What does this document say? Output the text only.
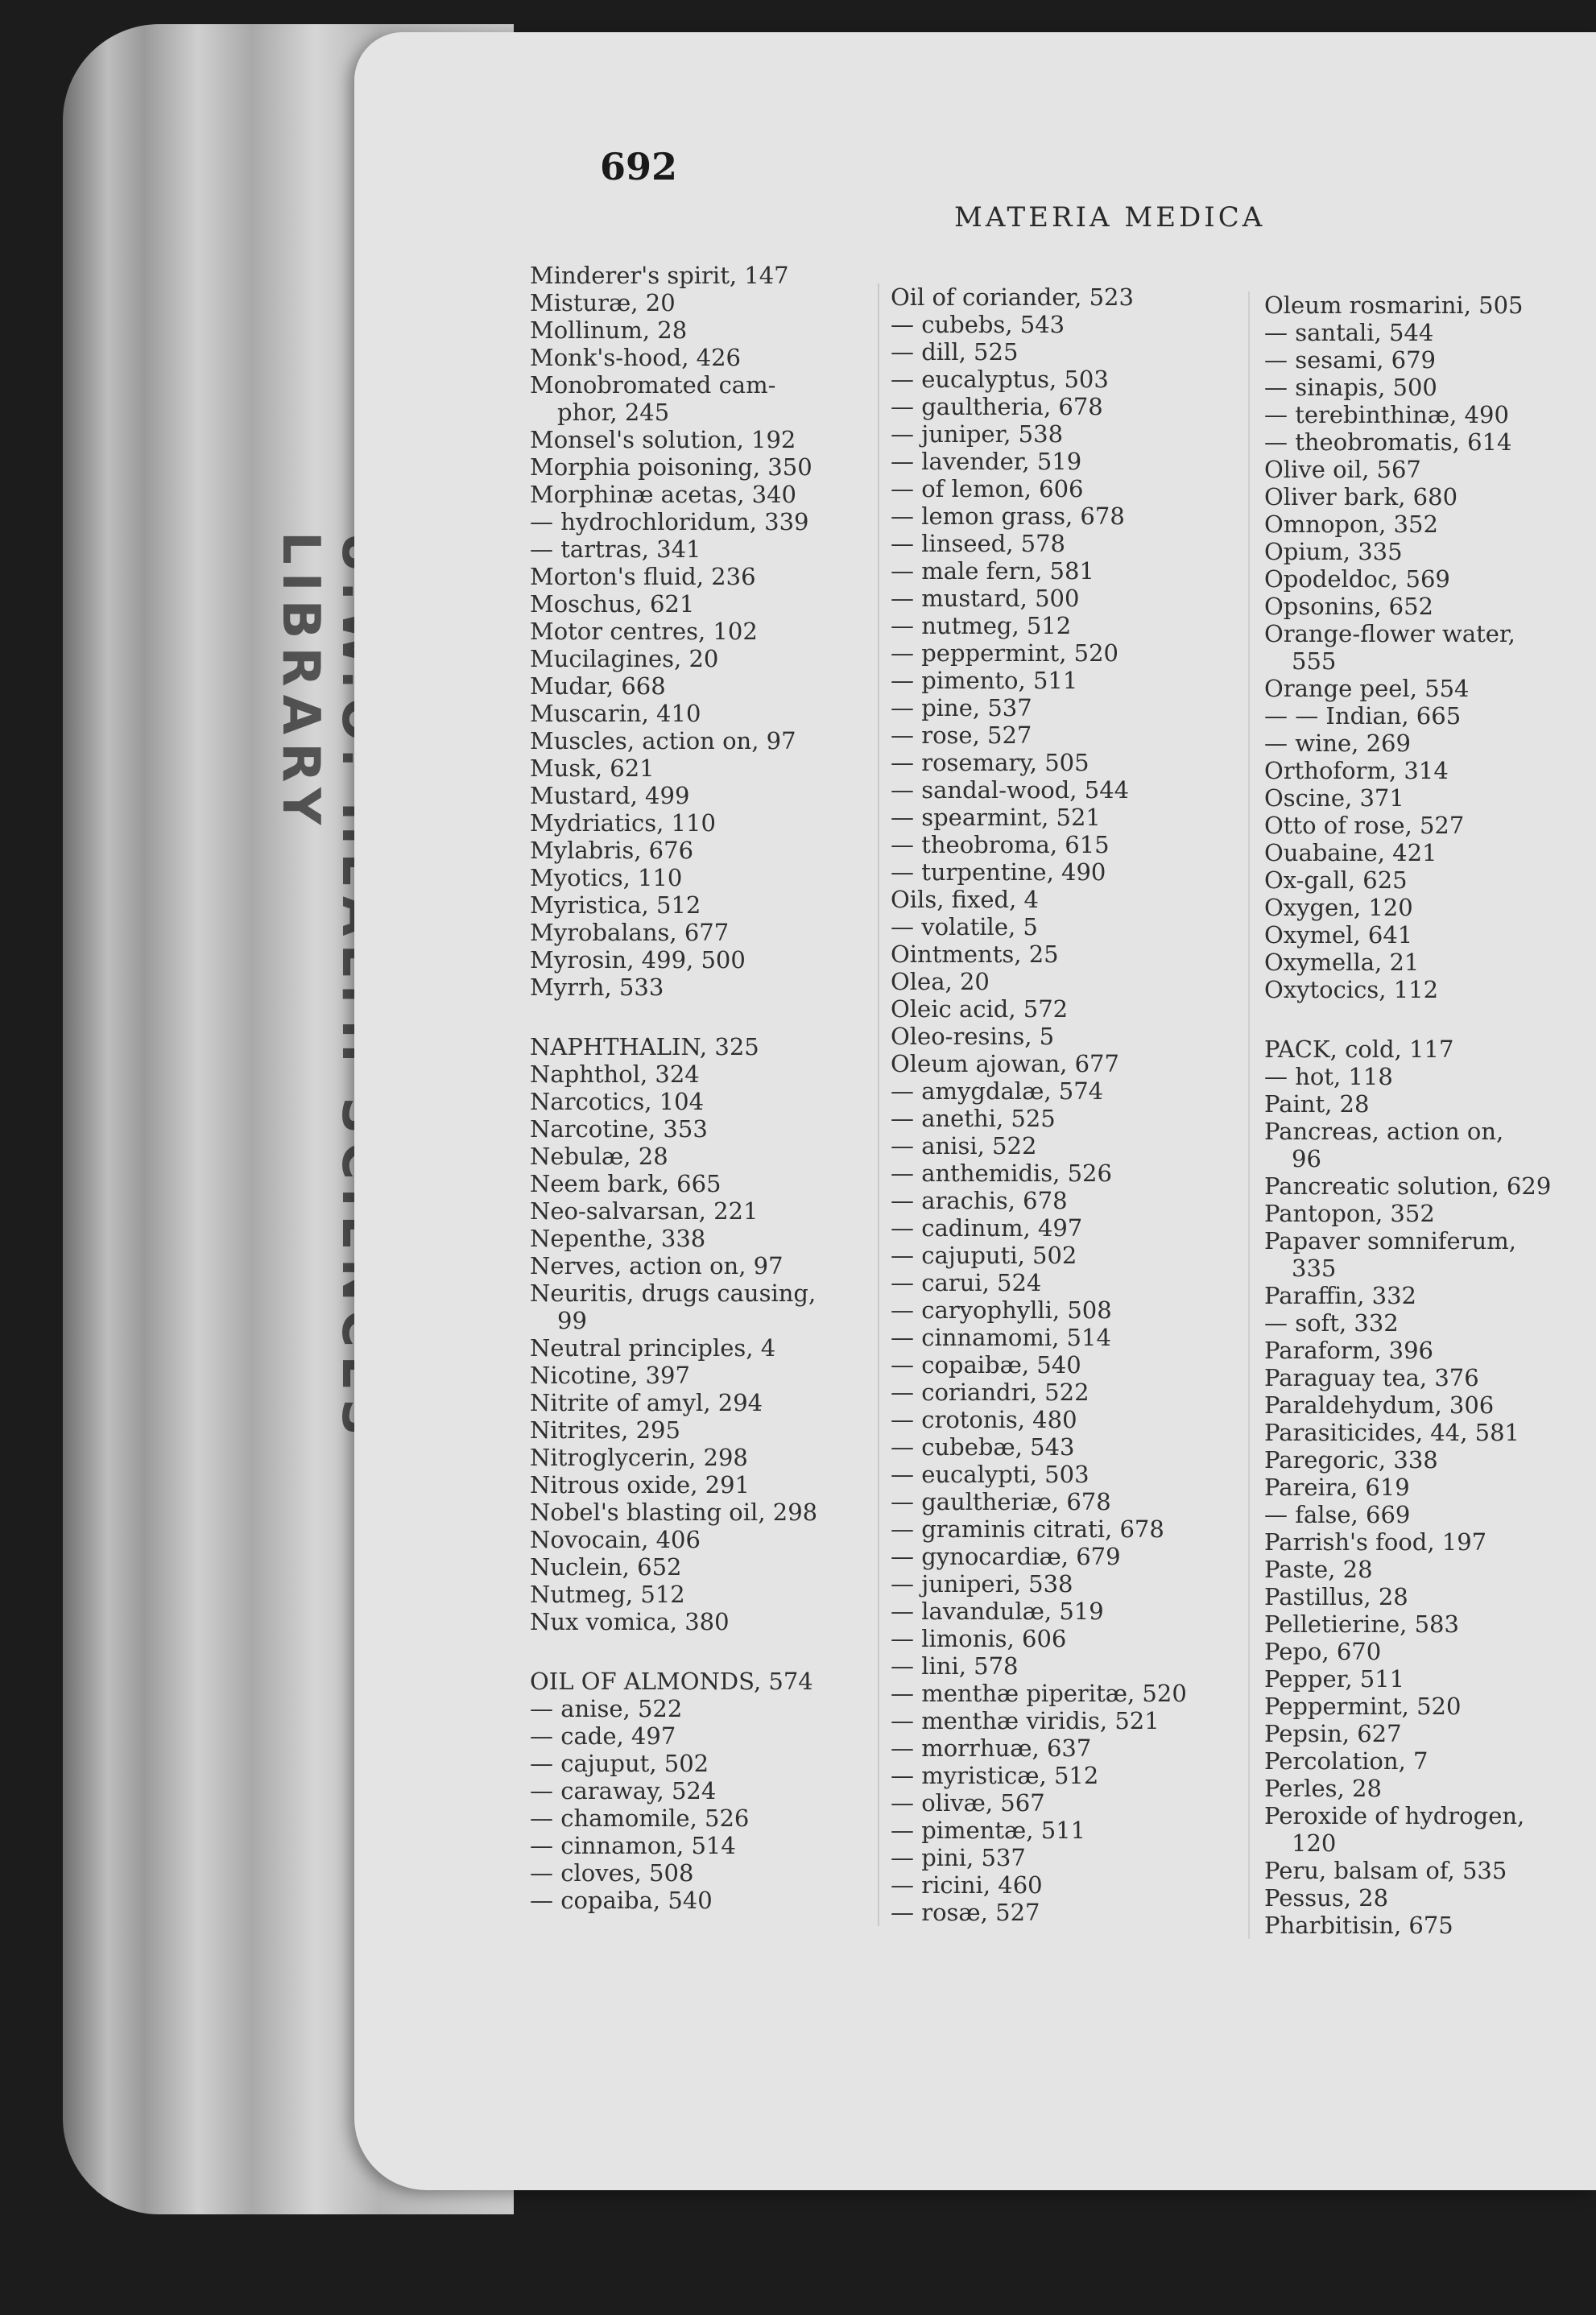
LIBRARY
692
MATERIA MEDICA
Minderer's spirit, 147
Misturæ, 20
Mollinum, 28
Monk's-hood, 426
Monobromated cam-
phor, 245
Monsel's solution, 192
Morphia poisoning, 350
Morphinæ acetas, 340
— hydrochloridum, 339
— tartras, 341
Morton's fluid, 236
Moschus, 621
Motor centres, 102
Mucilagines, 20
Mudar, 668
Muscarin, 410
Muscles, action on, 97
Musk, 621
Mustard, 499
Mydriatics, 110
Mylabris, 676
Myotics, 110
Myristica, 512
Myrobalans, 677
Myrosin, 499, 500
Myrrh, 533
NAPHTHALIN, 325
Naphthol, 324
Narcotics, 104
Narcotine, 353
Nebulæ, 28
Neem bark, 665
Neo-salvarsan, 221
Nepenthe, 338
Nerves, action on, 97
Neuritis, drugs causing,
99
Neutral principles, 4
Nicotine, 397
Nitrite of amyl, 294
Nitrites, 295
Nitroglycerin, 298
Nitrous oxide, 291
Nobel's blasting oil, 298
Novocain, 406
Nuclein, 652
Nutmeg, 512
Nux vomica, 380
OIL OF ALMONDS, 574
— anise, 522
— cade, 497
— cajuput, 502
— caraway, 524
— chamomile, 526
— cinnamon, 514
— cloves, 508
— copaiba, 540
Oil of coriander, 523
— cubebs, 543
— dill, 525
— eucalyptus, 503
— gaultheria, 678
— juniper, 538
— lavender, 519
— of lemon, 606
— lemon grass, 678
— linseed, 578
— male fern, 581
— mustard, 500
— nutmeg, 512
— peppermint, 520
— pimento, 511
— pine, 537
— rose, 527
— rosemary, 505
— sandal-wood, 544
— spearmint, 521
— theobroma, 615
— turpentine, 490
Oils, fixed, 4
— volatile, 5
Ointments, 25
Olea, 20
Oleic acid, 572
Oleo-resins, 5
Oleum ajowan, 677
— amygdalæ, 574
— anethi, 525
— anisi, 522
— anthemidis, 526
— arachis, 678
— cadinum, 497
— cajuputi, 502
— carui, 524
— caryophylli, 508
— cinnamomi, 514
— copaibæ, 540
— coriandri, 522
— crotonis, 480
— cubebæ, 543
— eucalypti, 503
— gaultheriæ, 678
— graminis citrati, 678
— gynocardiæ, 679
— juniperi, 538
— lavandulæ, 519
— limonis, 606
— lini, 578
— menthæ piperitæ, 520
— menthæ viridis, 521
— morrhuæ, 637
— myristicæ, 512
— olivæ, 567
— pimentæ, 511
— pini, 537
— ricini, 460
— rosæ, 527
Oleum rosmarini, 505
— santali, 544
— sesami, 679
— sinapis, 500
— terebinthinæ, 490
— theobromatis, 614
Olive oil, 567
Oliver bark, 680
Omnopon, 352
Opium, 335
Opodeldoc, 569
Opsonins, 652
Orange-flower water,
555
Orange peel, 554
— — Indian, 665
— wine, 269
Orthoform, 314
Oscine, 371
Otto of rose, 527
Ouabaine, 421
Ox-gall, 625
Oxygen, 120
Oxymel, 641
Oxymella, 21
Oxytocics, 112
PACK, cold, 117
— hot, 118
Paint, 28
Pancreas, action on,
96
Pancreatic solution, 629
Pantopon, 352
Papaver somniferum,
335
Paraffin, 332
— soft, 332
Paraform, 396
Paraguay tea, 376
Paraldehydum, 306
Parasiticides, 44, 581
Paregoric, 338
Pareira, 619
— false, 669
Parrish's food, 197
Paste, 28
Pastillus, 28
Pelletierine, 583
Pepo, 670
Pepper, 511
Peppermint, 520
Pepsin, 627
Percolation, 7
Perles, 28
Peroxide of hydrogen,
120
Peru, balsam of, 535
Pessus, 28
Pharbitisin, 675
